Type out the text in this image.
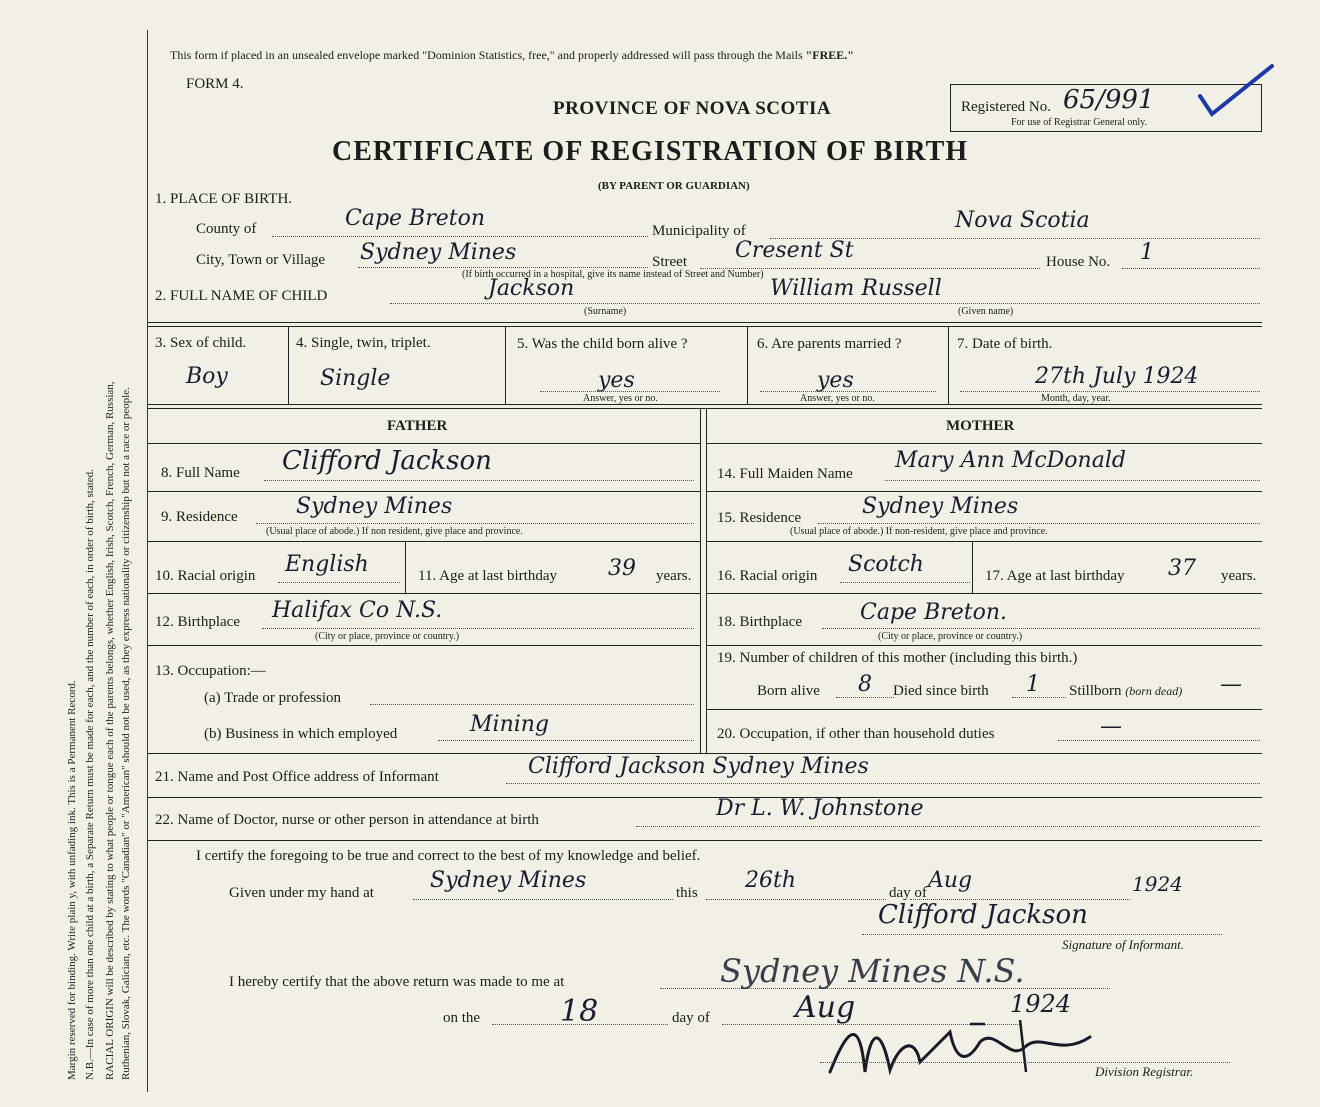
Margin reserved for binding. Write plain y, with unfading ink. This is a Permanent Record. N.B.—In case of more than one child at a birth, a Separate Return must be made for each, and the number of each, in order of birth, stated. RACIAL ORIGIN will be described by stating to what people or tongue each of the parents belongs, whether English, Irish, Scotch, French, German, Russian, Ruthenian, Slovak, Galician, etc. The words "Canadian" or "American" should not be used, as they express nationality or citizenship but not a race or people.
This form if placed in an unsealed envelope marked "Dominion Statistics, free," and properly addressed will pass through the Mails "FREE."
FORM 4.
PROVINCE OF NOVA SCOTIA
CERTIFICATE OF REGISTRATION OF BIRTH
(BY PARENT OR GUARDIAN)
Registered No. 65/991
For use of Registrar General only.
1. PLACE OF BIRTH.
County of	Cape Breton	Municipality of	Nova Scotia
City, Town or Village Sydney Mines	Street Cresent St	House No. 1
(If birth occurred in a hospital, give its name instead of Street and Number)
2. FULL NAME OF CHILD	Jackson	William Russell
(Surname)	(Given name)
3. Sex of child.
Boy
4. Single, twin, triplet.
Single
5. Was the child born alive ?
yes
Answer, yes or no.
6. Are parents married ?
yes
Answer, yes or no.
7. Date of birth.
27th July 1924
Month, day, year.
FATHER	MOTHER
8. Full Name Clifford Jackson
9. Residence	Sydney Mines
(Usual place of abode.) If non resident, give place and province.
10. Racial origin English	11. Age at last birthday 39 years.
12. Birthplace Halifax Co N.S.
(City or place, province or country.)
13. Occupation:—
(a) Trade or profession
(b) Business in which employed	Mining
14. Full Maiden Name
Mary Ann McDonald
15. Residence	Sydney Mines
(Usual place of abode.) If non-resident, give place and province.
16. Racial origin Scotch	17. Age at last birthday 37 years.
18. Birthplace	Cape Breton.
(City or place, province or country.)
19. Number of children of this mother (including this birth.)
Born alive 8 Died since birth 1 Stillborn (born dead) —
20. Occupation, if other than household duties	—
21. Name and Post Office address of Informant	Clifford Jackson Sydney Mines
22. Name of Doctor, nurse or other person in attendance at birth	Dr L. W. Johnstone
I certify the foregoing to be true and correct to the best of my knowledge and belief.
Given under my hand at	Sydney Mines	this 26th	day of Aug	1924
Clifford Jackson
Signature of Informant.
I hereby certify that the above return was made to me at	Sydney Mines N.S.
on the	18	day of	Aug	1924
Division Registrar.
